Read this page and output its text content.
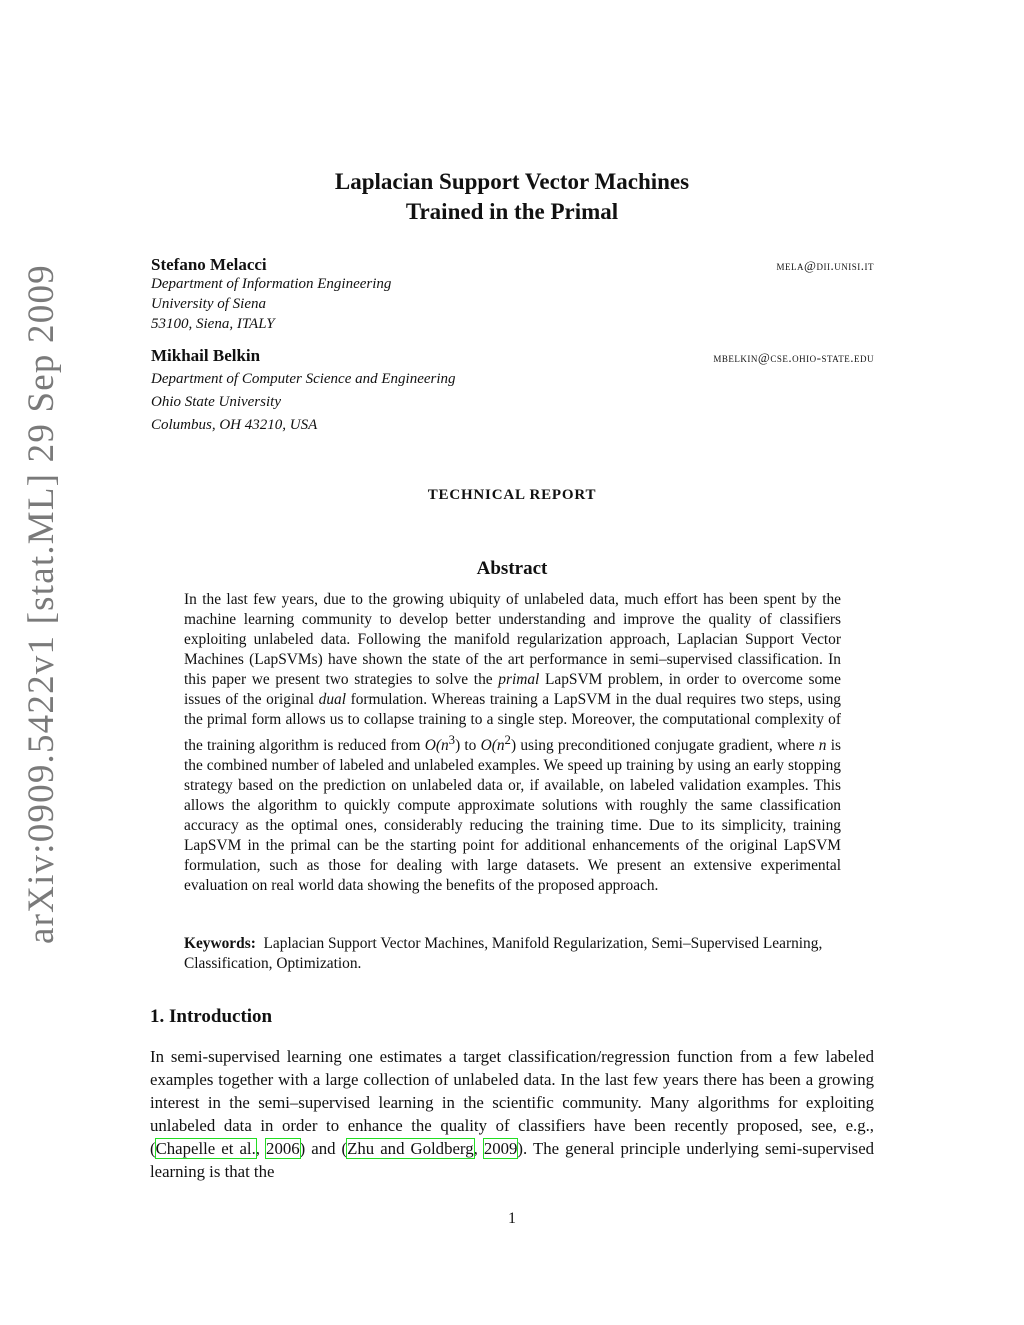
arXiv:0909.5422v1 [stat.ML] 29 Sep 2009
Laplacian Support Vector Machines
Trained in the Primal

Stefano Melacci	mela@dii.unisi.it

Department of Information Engineering

University of Siena

53100, Siena, ITALY

Mikhail Belkin	mbelkin@cse.ohio-state.edu

Department of Computer Science and Engineering

Ohio State University

Columbus, OH 43210, USA

TECHNICAL REPORT

Abstract

In the last few years, due to the growing ubiquity of unlabeled data, much effort has been spent by the machine learning community to develop better understanding and improve the quality of classifiers exploiting unlabeled data. Following the manifold regularization approach, Laplacian Support Vector Machines (LapSVMs) have shown the state of the art performance in semi–supervised classification. In this paper we present two strategies to solve the primal LapSVM problem, in order to overcome some issues of the original dual formulation. Whereas training a LapSVM in the dual requires two steps, using the primal form allows us to collapse training to a single step. Moreover, the computational complexity of the training algorithm is reduced from $O(n^3)$ to $O(n^2)$ using preconditioned conjugate gradient, where n is the combined number of labeled and unlabeled examples. We speed up training by using an early stopping strategy based on the prediction on unlabeled data or, if available, on labeled validation examples. This allows the algorithm to quickly compute approximate solutions with roughly the same classification accuracy as the optimal ones, considerably reducing the training time. Due to its simplicity, training LapSVM in the primal can be the starting point for additional enhancements of the original LapSVM formulation, such as those for dealing with large datasets. We present an extensive experimental evaluation on real world data showing the benefits of the proposed approach.

Keywords: Laplacian Support Vector Machines, Manifold Regularization, Semi–Supervised Learning, Classification, Optimization.

1. Introduction

In semi-supervised learning one estimates a target classification/regression function from a few labeled examples together with a large collection of unlabeled data. In the last few years there has been a growing interest in the semi–supervised learning in the scientific community. Many algorithms for exploiting unlabeled data in order to enhance the quality of classifiers have been recently proposed, see, e.g., (Chapelle et al., 2006) and (Zhu and Goldberg, 2009). The general principle underlying semi-supervised learning is that the

1
